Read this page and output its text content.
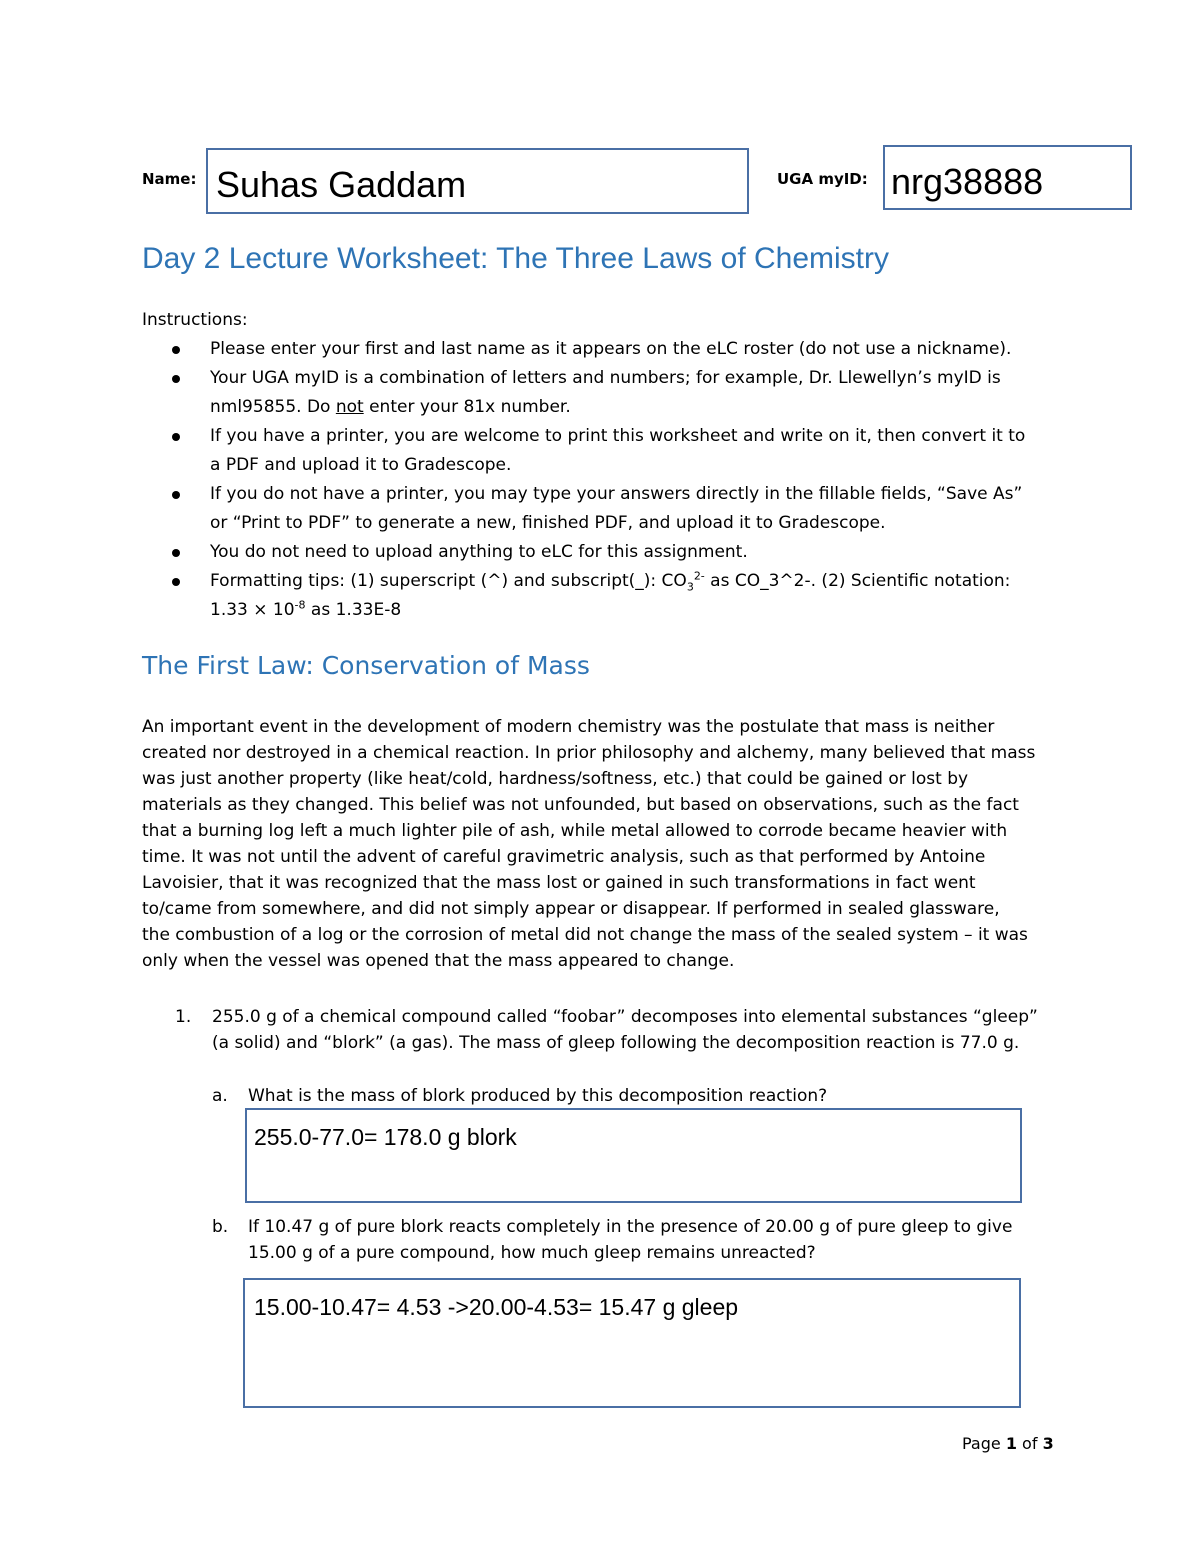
Name: Suhas Gaddam	UGA myID: nrg38888
Day 2 Lecture Worksheet: The Three Laws of Chemistry
Instructions:
Please enter your first and last name as it appears on the eLC roster (do not use a nickname).
Your UGA myID is a combination of letters and numbers; for example, Dr. Llewellyn’s myID is
nml95855. Do not enter your 81x number.
If you have a printer, you are welcome to print this worksheet and write on it, then convert it to
a PDF and upload it to Gradescope.
If you do not have a printer, you may type your answers directly in the fillable fields, “Save As”
or “Print to PDF” to generate a new, finished PDF, and upload it to Gradescope.
You do not need to upload anything to eLC for this assignment.
Formatting tips: (1) superscript (^) and subscript(_): $CO_3^{2-}$ as CO_3^2-. (2) Scientific notation:
$1.33 \times 10^{-8}$ as 1.33E-8
The First Law: Conservation of Mass
An important event in the development of modern chemistry was the postulate that mass is neither
created nor destroyed in a chemical reaction. In prior philosophy and alchemy, many believed that mass
was just another property (like heat/cold, hardness/softness, etc.) that could be gained or lost by
materials as they changed. This belief was not unfounded, but based on observations, such as the fact
that a burning log left a much lighter pile of ash, while metal allowed to corrode became heavier with
time. It was not until the advent of careful gravimetric analysis, such as that performed by Antoine
Lavoisier, that it was recognized that the mass lost or gained in such transformations in fact went
to/came from somewhere, and did not simply appear or disappear. If performed in sealed glassware,
the combustion of a log or the corrosion of metal did not change the mass of the sealed system – it was
only when the vessel was opened that the mass appeared to change.
1. 255.0 g of a chemical compound called “foobar” decomposes into elemental substances “gleep”
(a solid) and “blork” (a gas). The mass of gleep following the decomposition reaction is 77.0 g.
a. What is the mass of blork produced by this decomposition reaction?
255.0-77.0= 178.0 g blork
b. If 10.47 g of pure blork reacts completely in the presence of 20.00 g of pure gleep to give
15.00 g of a pure compound, how much gleep remains unreacted?
15.00-10.47= 4.53 ->20.00-4.53= 15.47 g gleep
Page 1 of 3
